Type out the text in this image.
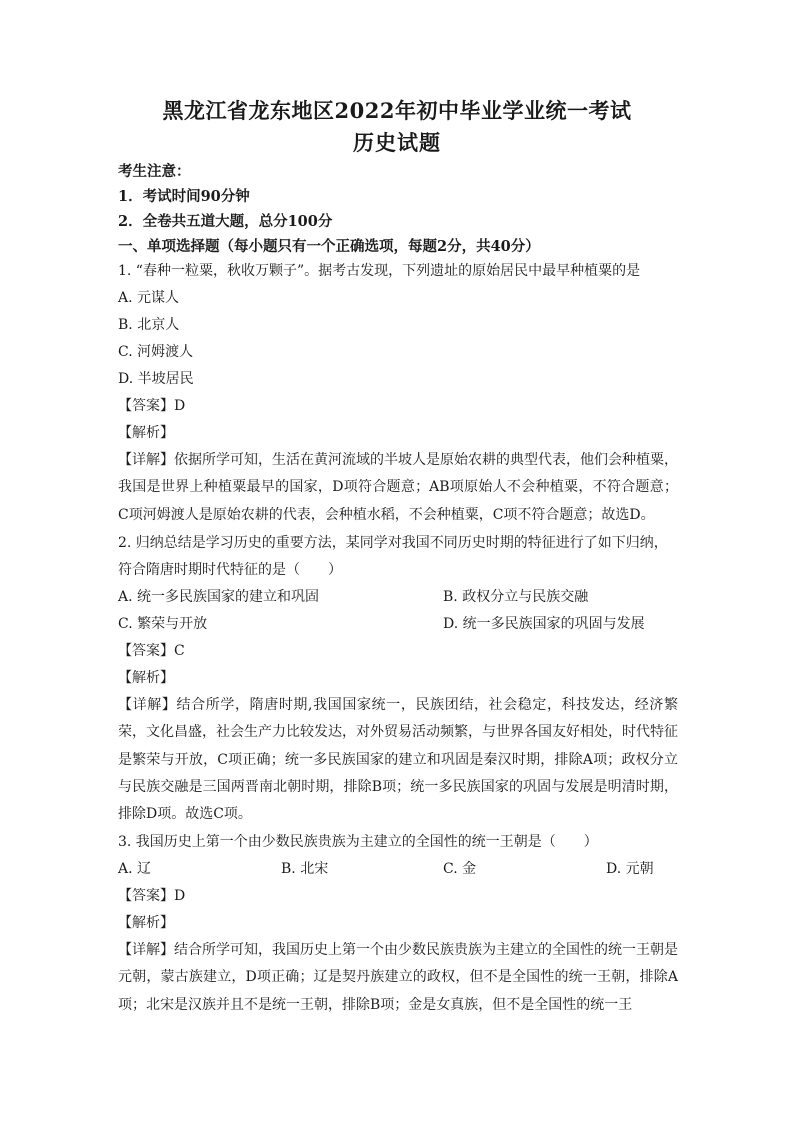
黑龙江省龙东地区2022年初中毕业学业统一考试
历史试题
考生注意：
1．考试时间90分钟
2．全卷共五道大题，总分100分
一、单项选择题（每小题只有一个正确选项，每题2分，共40分）
1. “春种一粒粟，秋收万颗子”。据考古发现，下列遗址的原始居民中最早种植粟的是
A. 元谋人
B. 北京人
C. 河姆渡人
D. 半坡居民
【答案】D
【解析】
【详解】依据所学可知，生活在黄河流域的半坡人是原始农耕的典型代表，他们会种植粟，我国是世界上种植粟最早的国家，D项符合题意；AB项原始人不会种植粟，不符合题意；C项河姆渡人是原始农耕的代表，会种植水稻，不会种植粟，C项不符合题意；故选D。
2. 归纳总结是学习历史的重要方法，某同学对我国不同历史时期的特征进行了如下归纳，
符合隋唐时期时代特征的是（　　）
A. 统一多民族国家的建立和巩固	B. 政权分立与民族交融
C. 繁荣与开放	D. 统一多民族国家的巩固与发展
【答案】C
【解析】
【详解】结合所学，隋唐时期,我国国家统一，民族团结，社会稳定，科技发达，经济繁荣，文化昌盛，社会生产力比较发达，对外贸易活动频繁，与世界各国友好相处，时代特征是繁荣与开放，C项正确；统一多民族国家的建立和巩固是秦汉时期，排除A项；政权分立与民族交融是三国两晋南北朝时期，排除B项；统一多民族国家的巩固与发展是明清时期，排除D项。故选C项。
3. 我国历史上第一个由少数民族贵族为主建立的全国性的统一王朝是（　　）
A. 辽	B. 北宋	C. 金	D. 元朝
【答案】D
【解析】
【详解】结合所学可知，我国历史上第一个由少数民族贵族为主建立的全国性的统一王朝是元朝，蒙古族建立，D项正确；辽是契丹族建立的政权，但不是全国性的统一王朝，排除A项；北宋是汉族并且不是统一王朝，排除B项；金是女真族，但不是全国性的统一王
